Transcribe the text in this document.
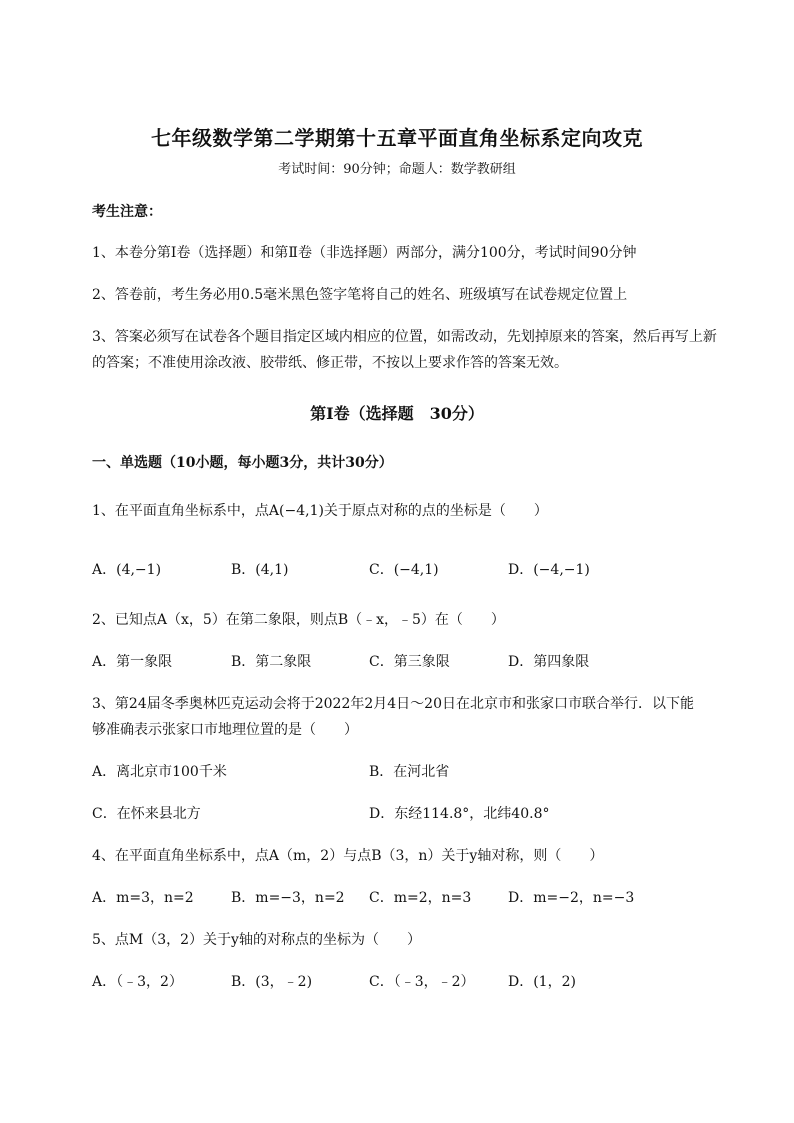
七年级数学第二学期第十五章平面直角坐标系定向攻克
考试时间：90分钟；命题人：数学教研组
考生注意：
1、本卷分第I卷（选择题）和第Ⅱ卷（非选择题）两部分，满分100分，考试时间90分钟
2、答卷前，考生务必用0.5毫米黑色签字笔将自己的姓名、班级填写在试卷规定位置上
3、答案必须写在试卷各个题目指定区域内相应的位置，如需改动，先划掉原来的答案，然后再写上新
的答案；不准使用涂改液、胶带纸、修正带，不按以上要求作答的答案无效。
第I卷（选择题　30分）
一、单选题（10小题，每小题3分，共计30分）
1、在平面直角坐标系中，点A(−4,1)关于原点对称的点的坐标是（　　）
A．(4,−1)	B．(4,1)	C．(−4,1)	D．(−4,−1)
2、已知点A（x，5）在第二象限，则点B（﹣x，﹣5）在（　　）
A．第一象限	B．第二象限	C．第三象限	D．第四象限
3、第24届冬季奥林匹克运动会将于2022年2月4日～20日在北京市和张家口市联合举行．以下能
够准确表示张家口市地理位置的是（　　）
A．离北京市100千米	B．在河北省
C．在怀来县北方	D．东经114.8°，北纬40.8°
4、在平面直角坐标系中，点A（m，2）与点B（3，n）关于y轴对称，则（　　）
A．m=3，n=2	B．m=−3，n=2 C．m=2，n=3	D．m=−2，n=−3
5、点M（3，2）关于y轴的对称点的坐标为（　　）
A．（﹣3，2）	B．(3，﹣2)	C．（﹣3，﹣2） D．(1，2)
